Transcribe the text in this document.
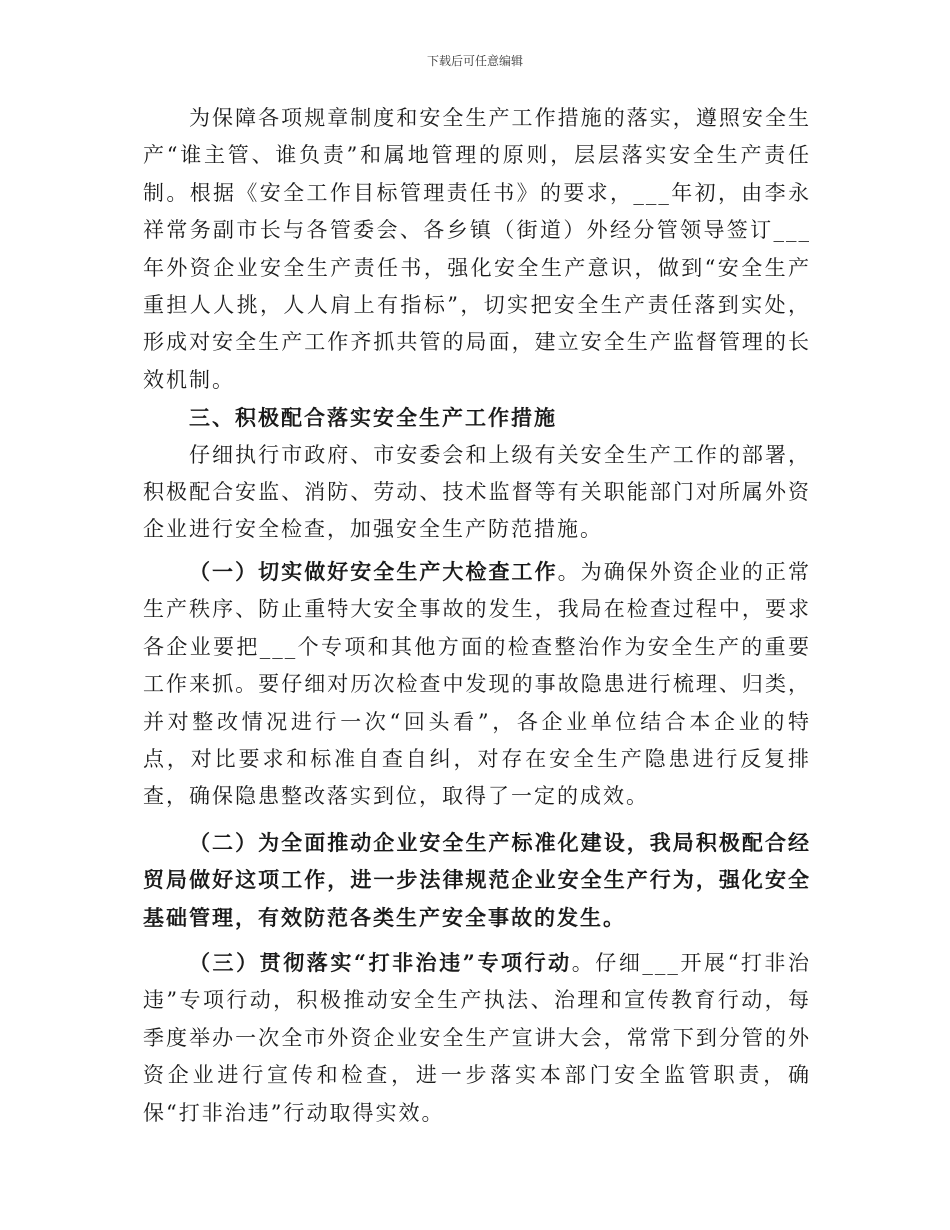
下载后可任意编辑

为保障各项规章制度和安全生产工作措施的落实，遵照安全生产“谁主管、谁负责”和属地管理的原则，层层落实安全生产责任制。根据《安全工作目标管理责任书》的要求，___年初，由李永祥常务副市长与各管委会、各乡镇（街道）外经分管领导签订___年外资企业安全生产责任书，强化安全生产意识，做到“安全生产重担人人挑，人人肩上有指标”，切实把安全生产责任落到实处，形成对安全生产工作齐抓共管的局面，建立安全生产监督管理的长效机制。

三、积极配合落实安全生产工作措施

仔细执行市政府、市安委会和上级有关安全生产工作的部署，积极配合安监、消防、劳动、技术监督等有关职能部门对所属外资企业进行安全检查，加强安全生产防范措施。

（一）切实做好安全生产大检查工作。为确保外资企业的正常生产秩序、防止重特大安全事故的发生，我局在检查过程中，要求各企业要把___个专项和其他方面的检查整治作为安全生产的重要工作来抓。要仔细对历次检查中发现的事故隐患进行梳理、归类，并对整改情况进行一次“回头看”，各企业单位结合本企业的特点，对比要求和标准自查自纠，对存在安全生产隐患进行反复排查，确保隐患整改落实到位，取得了一定的成效。

（二）为全面推动企业安全生产标准化建设，我局积极配合经贸局做好这项工作，进一步法律规范企业安全生产行为，强化安全基础管理，有效防范各类生产安全事故的发生。

（三）贯彻落实“打非治违”专项行动。仔细___开展“打非治违”专项行动，积极推动安全生产执法、治理和宣传教育行动，每季度举办一次全市外资企业安全生产宣讲大会，常常下到分管的外资企业进行宣传和检查，进一步落实本部门安全监管职责，确保“打非治违”行动取得实效。
